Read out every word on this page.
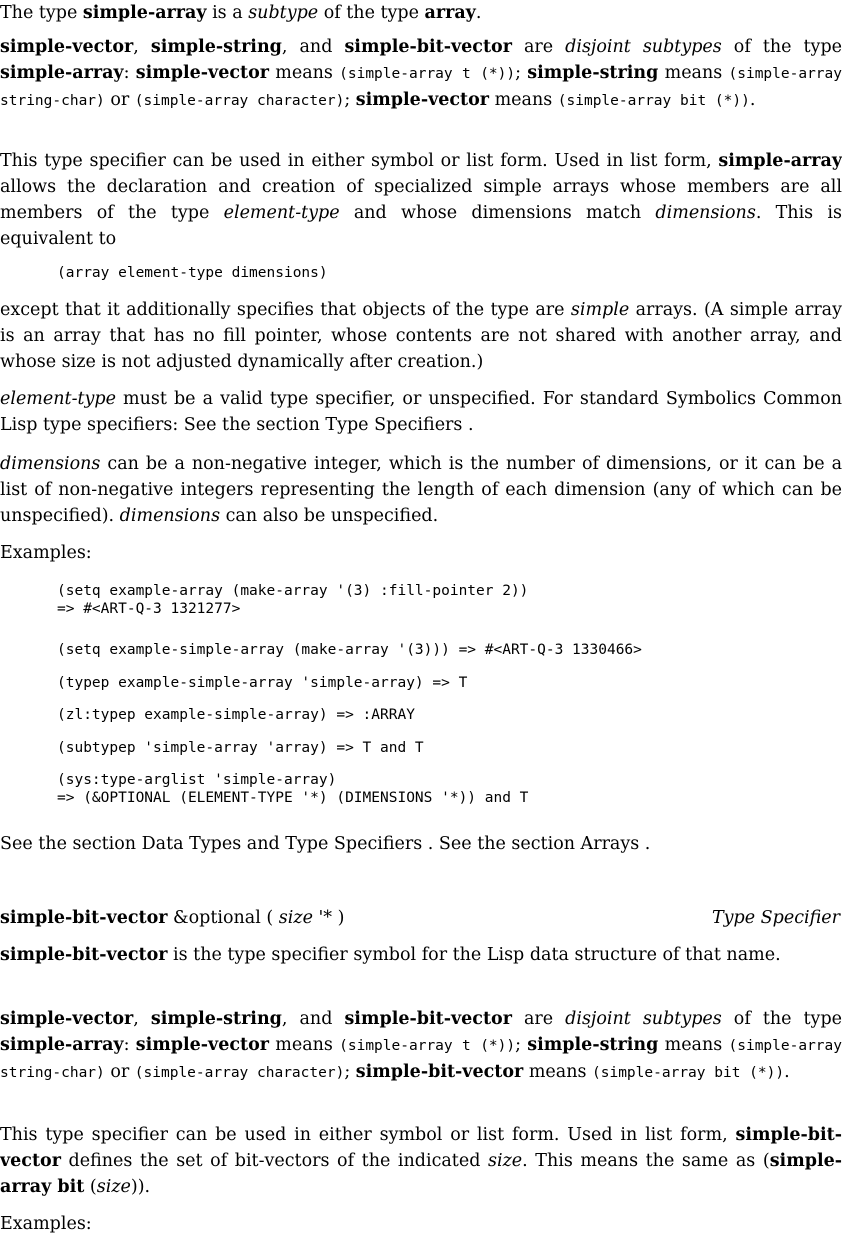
The type simple-array is a subtype of the type array.

simple-vector, simple-string, and simple-bit-vector are disjoint subtypes of the type simple-array: simple-vector means (simple-array t (*)); simple-string means (simple-array string-char) or (simple-array character); simple-vector means (simple-array bit (*)).

This type specifier can be used in either symbol or list form. Used in list form, simple-array allows the declaration and creation of specialized simple arrays whose members are all members of the type element-type and whose dimensions match dimensions. This is equivalent to

(array element-type dimensions)

except that it additionally specifies that objects of the type are simple arrays. (A simple array is an array that has no fill pointer, whose contents are not shared with another array, and whose size is not adjusted dynamically after creation.)

element-type must be a valid type specifier, or unspecified. For standard Symbolics Common Lisp type specifiers: See the section Type Specifiers .

dimensions can be a non-negative integer, which is the number of dimensions, or it can be a list of non-negative integers representing the length of each dimension (any of which can be unspecified). dimensions can also be unspecified.

Examples:

(setq example-array (make-array '(3) :fill-pointer 2))
=> #<ART-Q-3 1321277>
(setq example-simple-array (make-array '(3))) => #<ART-Q-3 1330466>
(typep example-simple-array 'simple-array) => T
(zl:typep example-simple-array) => :ARRAY
(subtypep 'simple-array 'array) => T and T
(sys:type-arglist 'simple-array)
=> (&OPTIONAL (ELEMENT-TYPE '*) (DIMENSIONS '*)) and T

See the section Data Types and Type Specifiers . See the section Arrays .

simple-bit-vector &optional ( size '* )	Type Specifier

simple-bit-vector is the type specifier symbol for the Lisp data structure of that name.

simple-vector, simple-string, and simple-bit-vector are disjoint subtypes of the type simple-array: simple-vector means (simple-array t (*)); simple-string means (simple-array string-char) or (simple-array character); simple-bit-vector means (simple-array bit (*)).

This type specifier can be used in either symbol or list form. Used in list form, simple-bit-vector defines the set of bit-vectors of the indicated size. This means the same as (simple-array bit (size)).

Examples:
